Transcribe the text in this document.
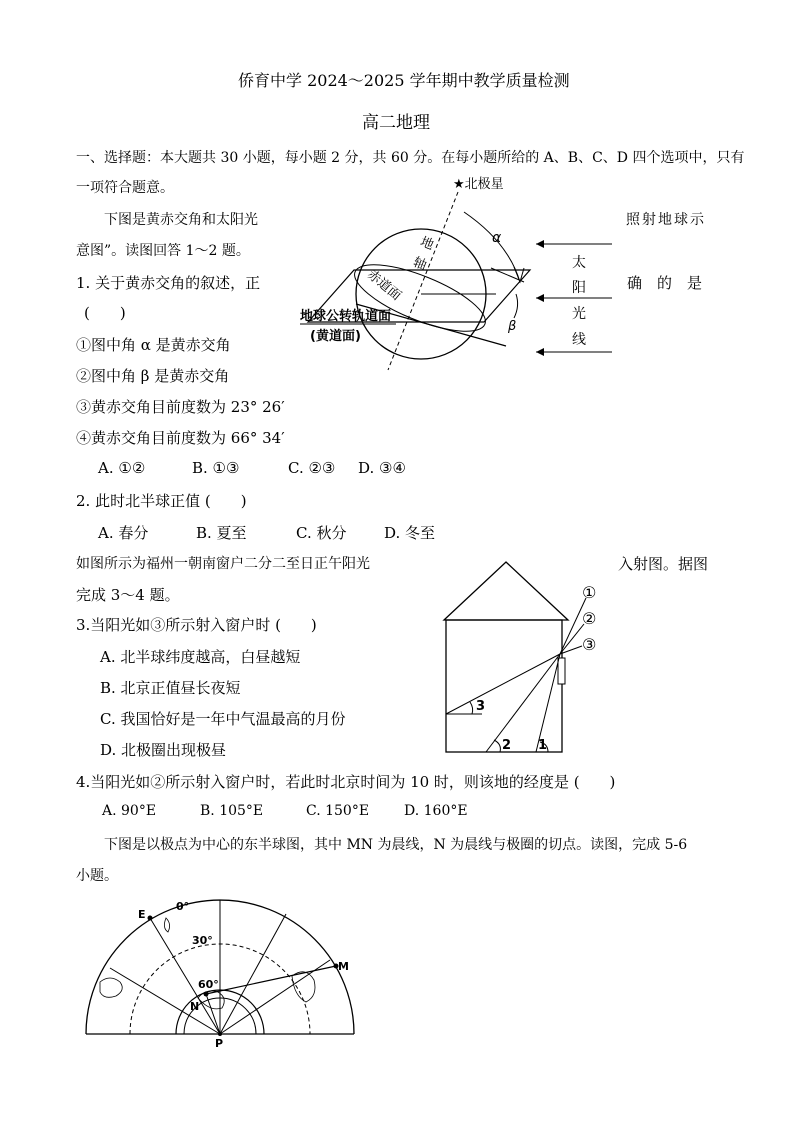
侨育中学 2024～2025 学年期中教学质量检测
高二地理
一、选择题：本大题共 30 小题，每小题 2 分，共 60 分。在每小题所给的 A、B、C、D 四个选项中，只有
一项符合题意。
下图是黄赤交角和太阳光	照射地球示
意图”。读图回答 1～2 题。
1. 关于黄赤交角的叙述，正	确　的　是
(　　)
①图中角 α 是黄赤交角
②图中角 β 是黄赤交角
③黄赤交角目前度数为 23° 26′
④黄赤交角目前度数为 66° 34′
A. ①②	B. ①③	C. ②③ D. ③④
★北极星
地
轴
赤道面
地球公转轨道面
(黄道面)
α
β
太
阳
光
线
2. 此时北半球正值 (　　)
A. 春分	B. 夏至	C. 秋分	D. 冬至
如图所示为福州一朝南窗户二分二至日正午阳光	入射图。据图
完成 3～4 题。
3.当阳光如③所示射入窗户时 (　　)
A. 北半球纬度越高，白昼越短
B. 北京正值昼长夜短
C. 我国恰好是一年中气温最高的月份
D. 北极圈出现极昼
①
②
③
3
2 1
4.当阳光如②所示射入窗户时，若此时北京时间为 10 时，则该地的经度是 (　　)
A. 90°E	B. 105°E	C. 150°E D. 160°E
下图是以极点为中心的东半球图，其中 MN 为晨线，N 为晨线与极圈的切点。读图，完成 5-6
小题。
0°
30°
60°
E
M
N
P
